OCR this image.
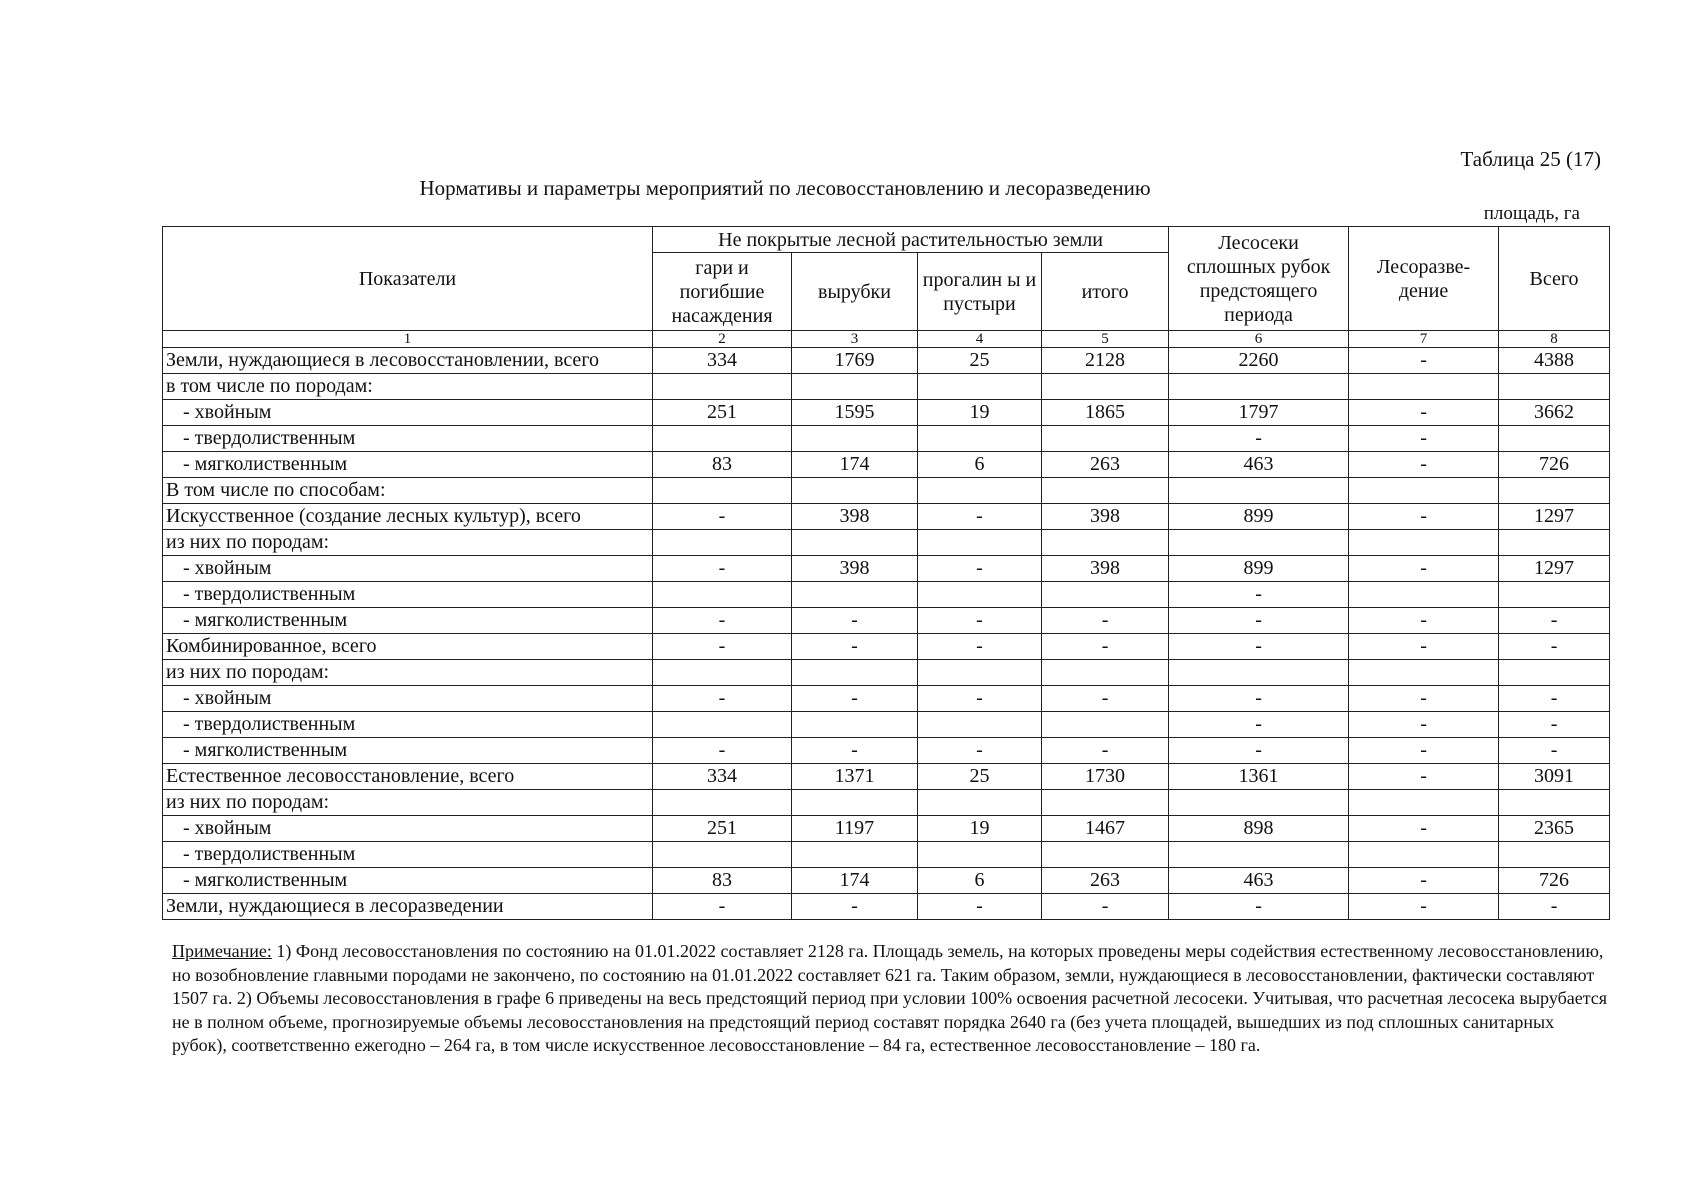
Таблица 25 (17)
Нормативы и параметры мероприятий по лесовосстановлению и лесоразведению
площадь, га
Показатели	Не покрытые лесной растительностью земли				Лесосеки сплошных рубок предстоящего периода	Лесоразве-дение	Всего
	гари и погибшие насаждения	вырубки	прогалин ы и пустыри	итого			
1	2	3	4	5	6	7	8
Земли, нуждающиеся в лесовосстановлении, всего	334	1769	25	2128	2260	-	4388
в том числе по породам:							
- хвойным	251	1595	19	1865	1797	-	3662
- твердолиственным					-	-	
- мягколиственным	83	174	6	263	463	-	726
В том числе по способам:							
Искусственное (создание лесных культур), всего	-	398	-	398	899	-	1297
из них по породам:							
- хвойным	-	398	-	398	899	-	1297
- твердолиственным					-		
- мягколиственным	-	-	-	-	-	-	-
Комбинированное, всего	-	-	-	-	-	-	-
из них по породам:							
- хвойным	-	-	-	-	-	-	-
- твердолиственным					-	-	-
- мягколиственным	-	-	-	-	-	-	-
Естественное лесовосстановление, всего	334	1371	25	1730	1361	-	3091
из них по породам:							
- хвойным	251	1197	19	1467	898	-	2365
- твердолиственным							
- мягколиственным	83	174	6	263	463	-	726
Земли, нуждающиеся в лесоразведении	-	-	-	-	-	-	-
Примечание: 1) Фонд лесовосстановления по состоянию на 01.01.2022 составляет 2128 га. Площадь земель, на которых проведены меры содействия естественному лесовосстановлению, но возобновление главными породами не закончено, по состоянию на 01.01.2022 составляет 621 га. Таким образом, земли, нуждающиеся в лесовосстановлении, фактически составляют 1507 га. 2) Объемы лесовосстановления в графе 6 приведены на весь предстоящий период при условии 100% освоения расчетной лесосеки. Учитывая, что расчетная лесосека вырубается не в полном объеме, прогнозируемые объемы лесовосстановления на предстоящий период составят порядка 2640 га (без учета площадей, вышедших из под сплошных санитарных рубок), соответственно ежегодно – 264 га, в том числе искусственное лесовосстановление – 84 га, естественное лесовосстановление – 180 га.
